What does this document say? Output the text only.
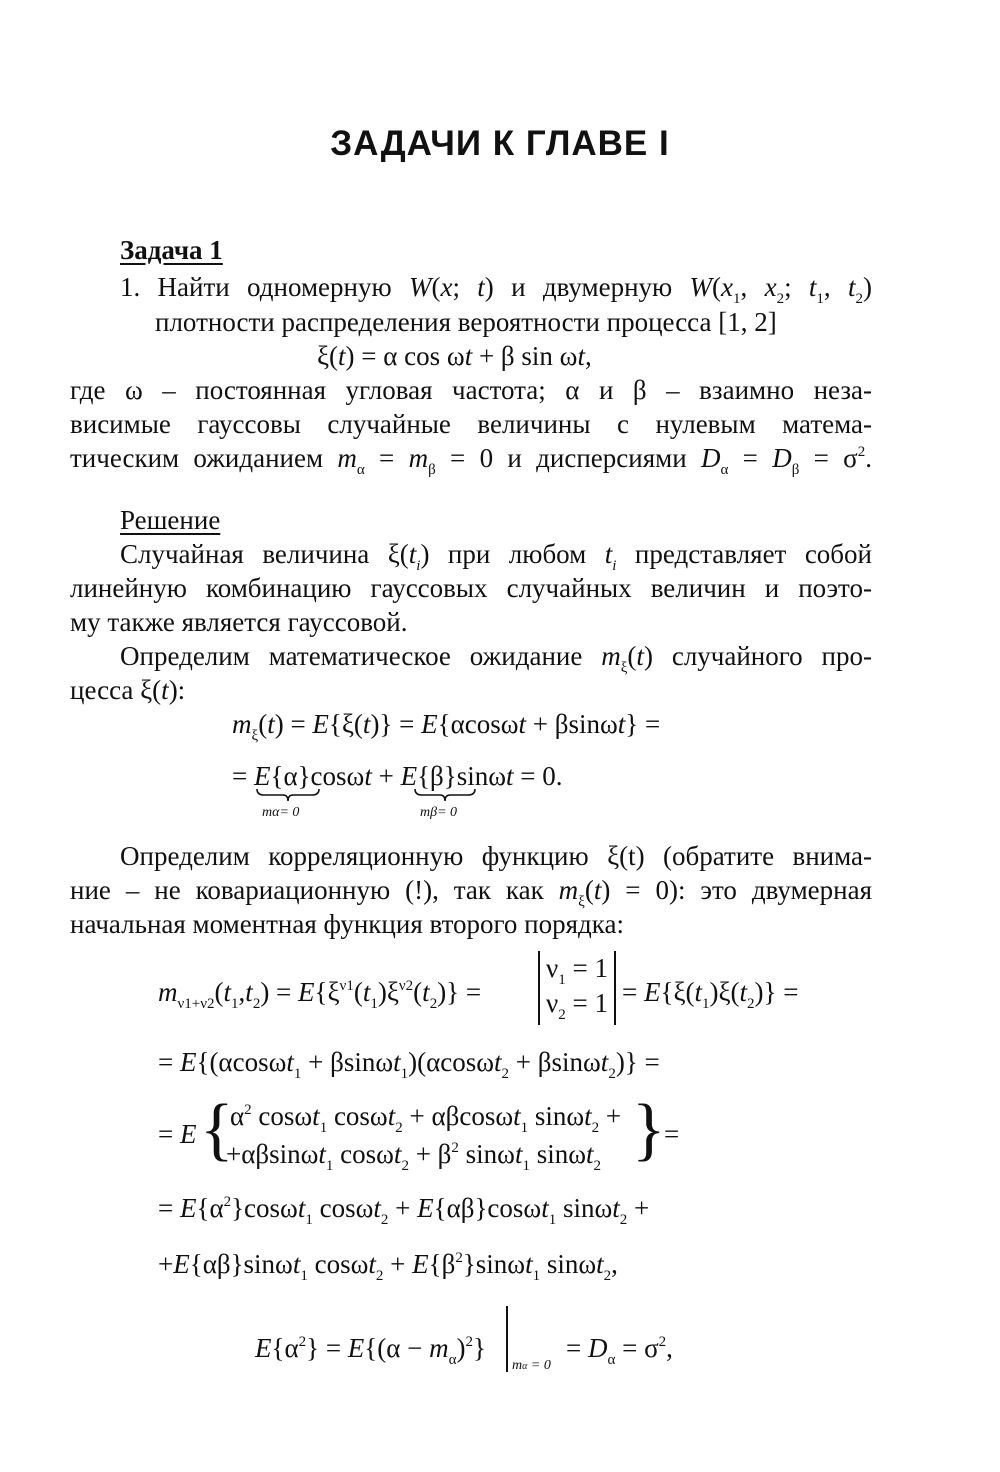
ЗАДАЧИ К ГЛАВЕ I
Задача 1
1. Найти одномерную W(x; t) и двумерную $W(x_1$, $x_2$; $t_1$, $t_2$)
плотности распределения вероятности процесса [1, 2]
ξ(t) = α cos ωt + β sin ωt,
где ω – постоянная угловая частота; α и β – взаимно неза-
висимые гауссовы случайные величины с нулевым матема-
тическим ожиданием $m_\alpha = m_\beta = 0$ и дисперсиями $D_\alpha = D_\beta = \sigma^2$.
Решение
Случайная величина $\xi(t_i)$ при любом $t_i$ представляет собой
линейную комбинацию гауссовых случайных величин и поэто-
му также является гауссовой.
Определим математическое ожидание $m_\xi(t)$ случайного про-
цесса ξ(t):
$m_\xi(t) = E\{\xi(t)\} = E\{\alpha\cos\omega t + \beta\sin\omega t\}$ =
= E{α}cosωt + E{β}sinωt = 0.
mα= 0	mβ= 0
Определим корреляционную функцию ξ(t) (обратите внима-
ние – не ковариационную (!), так как $m_\xi(t) = 0$): это двумерная
начальная моментная функция второго порядка:
$m_{\nu 1+\nu 2}(t_1,t_2) = E\{\xi^{\nu 1}(t_1)\xi^{\nu 2}(t_2)\}$ =
$\nu_1 = 1$
$\nu_2 = 1 = E\{\xi(t_1)\xi(t_2)\}$ =
= E{(αcosωt$_1$ + βsinωt$_1$)(αcosωt$_2$ + βsinωt$_2$)} =
= E {
$\alpha^2$ cosωt$_1$ cosωt$_2$ + αβcosωt$_1$ sinωt$_2$ +
+αβsinωt$_1$ $\cos\omega t_2 + \beta^2$ sinωt$_1$ sinωt$_2$ }
=
= $E\{\alpha^2\}\cos\omega t_1$ cosωt$_2$ + E{αβ}cosωt$_1$ sinωt$_2$ +
+E{αβ}sinωt$_1$ $\cos\omega t_2 + E\{\beta^2\}\sin\omega t_1$ sinωt$_2$,
$E\{\alpha^2\} = E\{(\alpha - m_\alpha)^2\}$
mα = 0
= $D_\alpha = \sigma^2$,
